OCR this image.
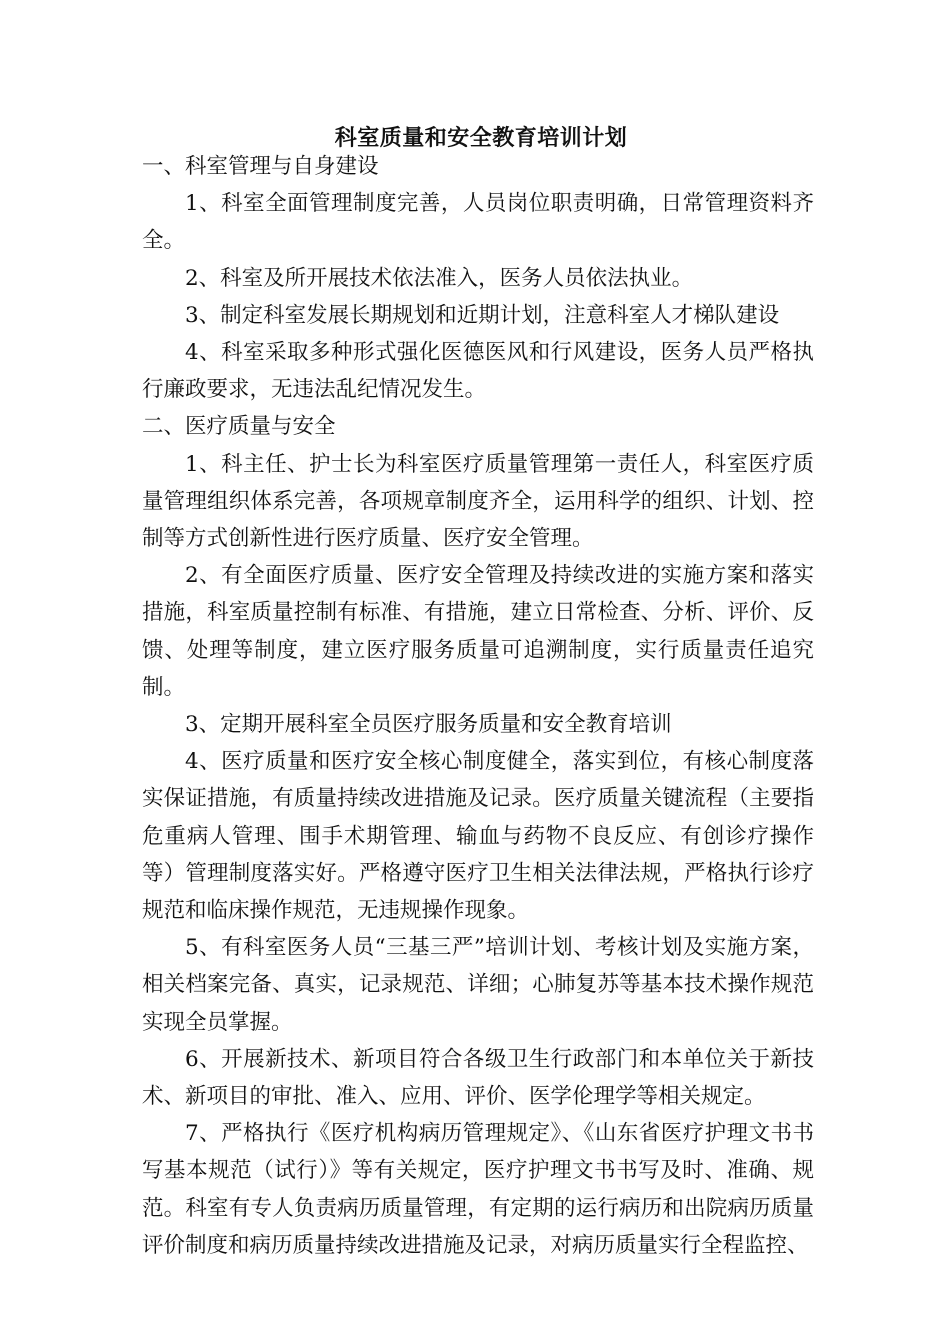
科室质量和安全教育培训计划

一、科室管理与自身建设

1、科室全面管理制度完善，人员岗位职责明确，日常管理资料齐全。

2、科室及所开展技术依法准入，医务人员依法执业。

3、制定科室发展长期规划和近期计划，注意科室人才梯队建设

4、科室采取多种形式强化医德医风和行风建设，医务人员严格执行廉政要求，无违法乱纪情况发生。

二、医疗质量与安全

1、科主任、护士长为科室医疗质量管理第一责任人，科室医疗质量管理组织体系完善，各项规章制度齐全，运用科学的组织、计划、控制等方式创新性进行医疗质量、医疗安全管理。

2、有全面医疗质量、医疗安全管理及持续改进的实施方案和落实措施，科室质量控制有标准、有措施，建立日常检查、分析、评价、反馈、处理等制度，建立医疗服务质量可追溯制度，实行质量责任追究制。

3、定期开展科室全员医疗服务质量和安全教育培训

4、医疗质量和医疗安全核心制度健全，落实到位，有核心制度落实保证措施，有质量持续改进措施及记录。医疗质量关键流程（主要指危重病人管理、围手术期管理、输血与药物不良反应、有创诊疗操作等）管理制度落实好。严格遵守医疗卫生相关法律法规，严格执行诊疗规范和临床操作规范，无违规操作现象。

5、有科室医务人员“三基三严”培训计划、考核计划及实施方案，相关档案完备、真实，记录规范、详细；心肺复苏等基本技术操作规范实现全员掌握。

6、开展新技术、新项目符合各级卫生行政部门和本单位关于新技术、新项目的审批、准入、应用、评价、医学伦理学等相关规定。

7、严格执行《医疗机构病历管理规定》、《山东省医疗护理文书书写基本规范（试行）》等有关规定，医疗护理文书书写及时、准确、规范。科室有专人负责病历质量管理，有定期的运行病历和出院病历质量评价制度和病历质量持续改进措施及记录，对病历质量实行全程监控、
